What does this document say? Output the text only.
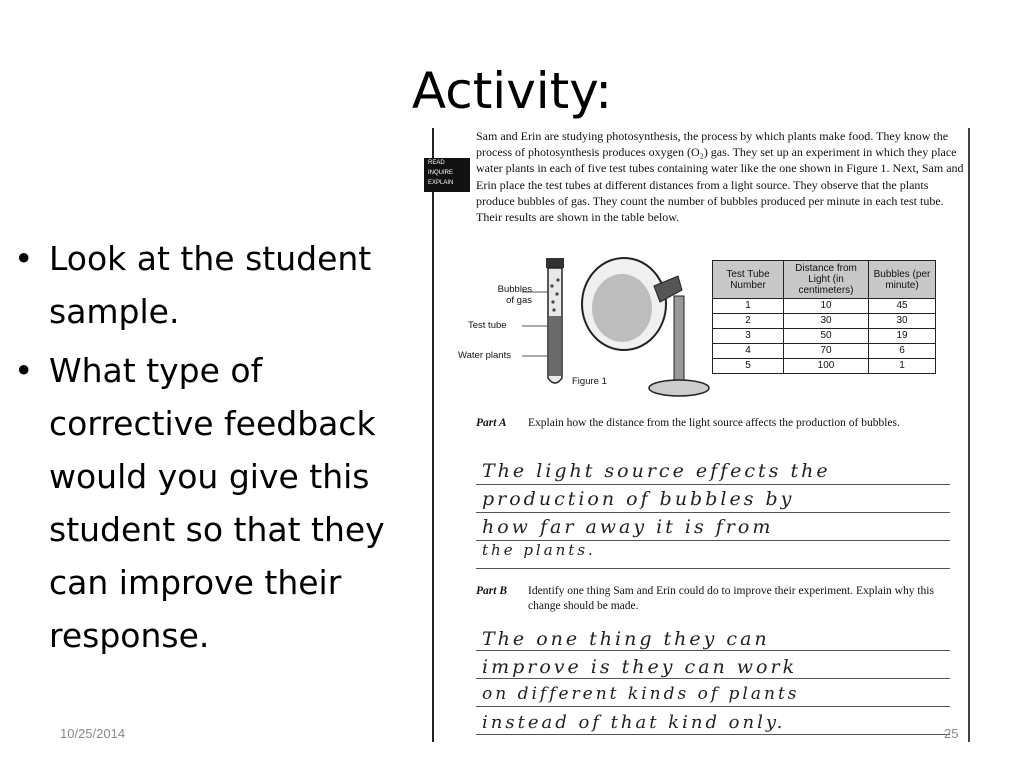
Activity:
• Look at the student sample.
• What type of corrective feedback would you give this student so that they can improve their response.
READ
INQUIRE
EXPLAIN

Sam and Erin are studying photosynthesis, the process by which plants make food. They know the process of photosynthesis produces oxygen (O₂) gas. They set up an experiment in which they place water plants in each of five test tubes containing water like the one shown in Figure 1. Next, Sam and Erin place the test tubes at different distances from a light source. They observe that the plants produce bubbles of gas. They count the number of bubbles produced per minute in each test tube. Their results are shown in the table below.

Bubbles of gas
Test tube
Water plants
Figure 1
Test Tube Number	Distance from Light (in centimeters)	Bubbles (per minute)
1	10	45
2	30	30
3	50	19
4	70	6
5	100	1
Part A Explain how the distance from the light source affects the production of bubbles.
The light source effects the
production of bubbles by
how far away it is from
the plants.
Part B Identify one thing Sam and Erin could do to improve their experiment. Explain why this change should be made.
The one thing they can
improve is they can work
on different kinds of plants
instead of that kind only.
10/25/2014	25
